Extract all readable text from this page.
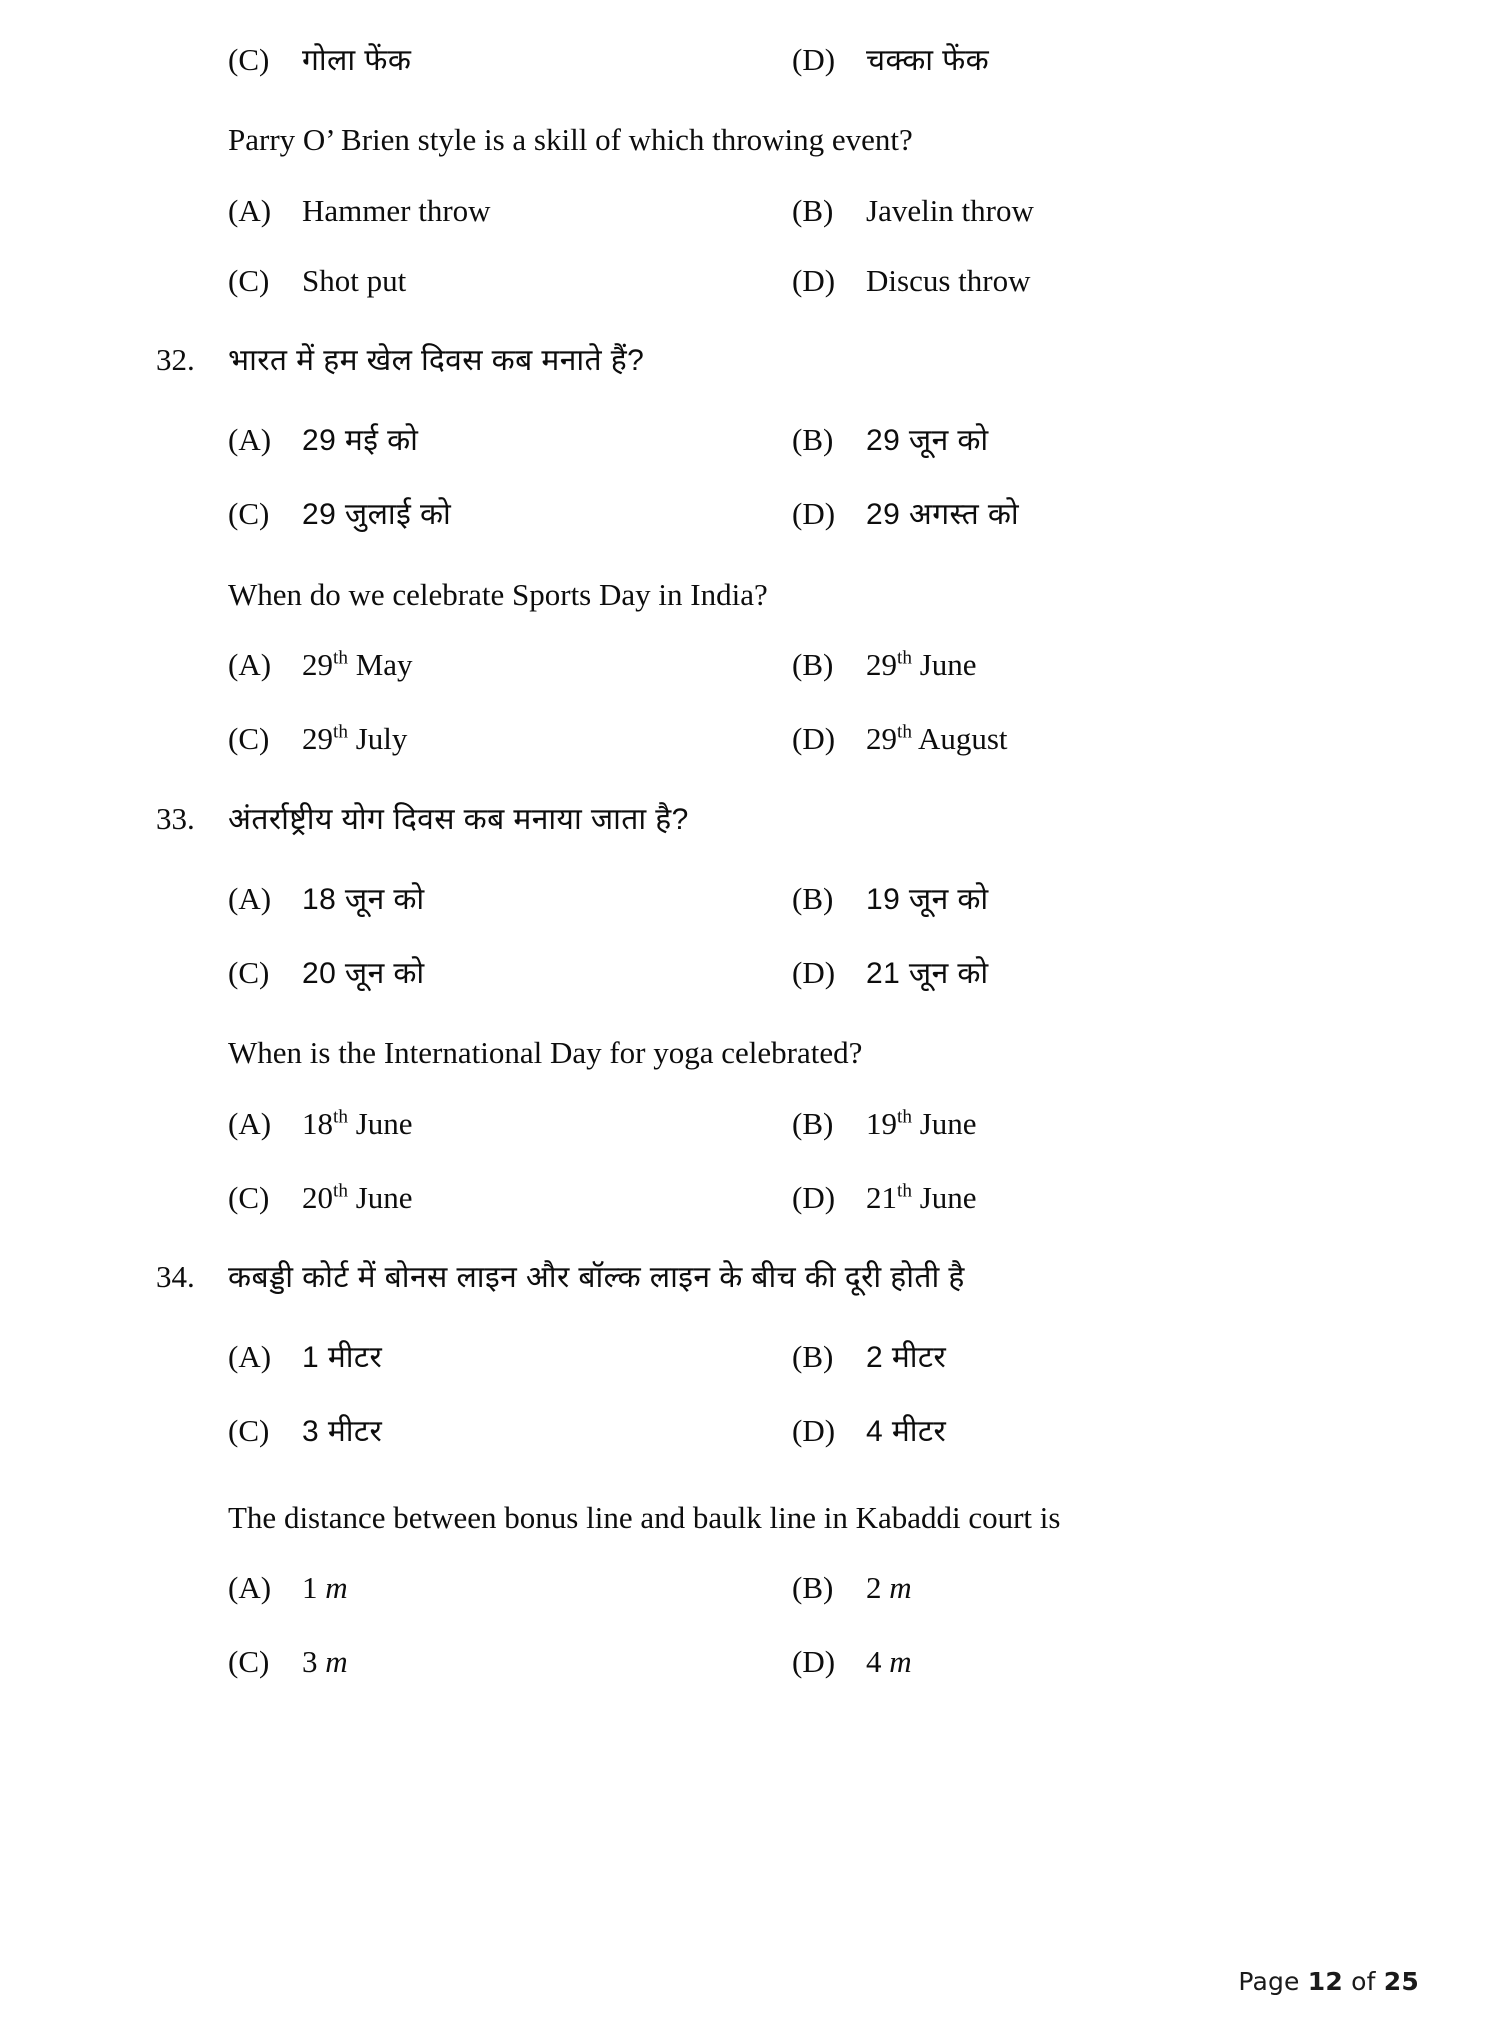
(C)	गोला फेंक	(D)	चक्का फेंक
Parry O’ Brien style is a skill of which throwing event?
(A) Hammer throw	(B)	Javelin throw
(C)	Shot put	(D) Discus throw
32.	भारत में हम खेल दिवस कब मनाते हैं?
(A)	29 मई को	(B)	29 जून को
(C)	29 जुलाई को	(D)	29 अगस्त को
When do we celebrate Sports Day in India?
(A) 29th May	(B)	29th June
(C)	29th July	(D) 29th August
33.	अंतर्राष्ट्रीय योग दिवस कब मनाया जाता है?
(A)	18 जून को	(B)	19 जून को
(C)	20 जून को	(D)	21 जून को
When is the International Day for yoga celebrated?
(A) 18th June	(B)	19th June
(C)	20th June	(D) 21th June
34.	कबड्डी कोर्ट में बोनस लाइन और बॉल्क लाइन के बीच की दूरी होती है
(A)	1 मीटर	(B)	2 मीटर
(C)	3 मीटर	(D)	4 मीटर
The distance between bonus line and baulk line in Kabaddi court is
(A) 1 m	(B)	2 m
(C)	3 m	(D) 4 m
Page 12 of 25
